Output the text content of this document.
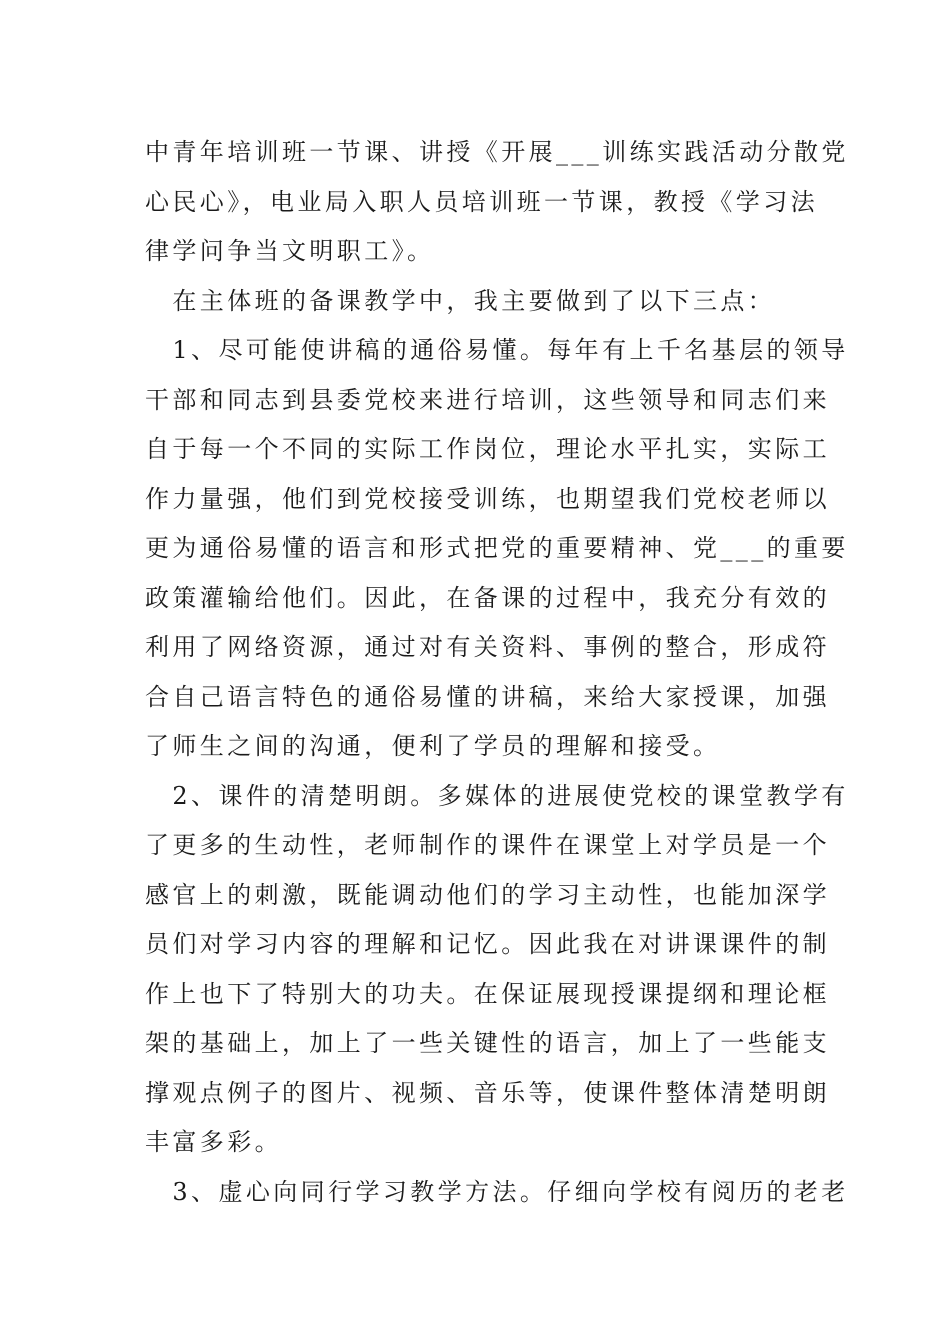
中青年培训班一节课、讲授《开展___训练实践活动分散党
心民心》，电业局入职人员培训班一节课，教授《学习法
律学问争当文明职工》。
　在主体班的备课教学中，我主要做到了以下三点：
　1、尽可能使讲稿的通俗易懂。每年有上千名基层的领导
干部和同志到县委党校来进行培训，这些领导和同志们来
自于每一个不同的实际工作岗位，理论水平扎实，实际工
作力量强，他们到党校接受训练，也期望我们党校老师以
更为通俗易懂的语言和形式把党的重要精神、党___的重要
政策灌输给他们。因此，在备课的过程中，我充分有效的
利用了网络资源，通过对有关资料、事例的整合，形成符
合自己语言特色的通俗易懂的讲稿，来给大家授课，加强
了师生之间的沟通，便利了学员的理解和接受。
　2、课件的清楚明朗。多媒体的进展使党校的课堂教学有
了更多的生动性，老师制作的课件在课堂上对学员是一个
感官上的刺激，既能调动他们的学习主动性，也能加深学
员们对学习内容的理解和记忆。因此我在对讲课课件的制
作上也下了特别大的功夫。在保证展现授课提纲和理论框
架的基础上，加上了一些关键性的语言，加上了一些能支
撑观点例子的图片、视频、音乐等，使课件整体清楚明朗
丰富多彩。
　3、虚心向同行学习教学方法。仔细向学校有阅历的老老
